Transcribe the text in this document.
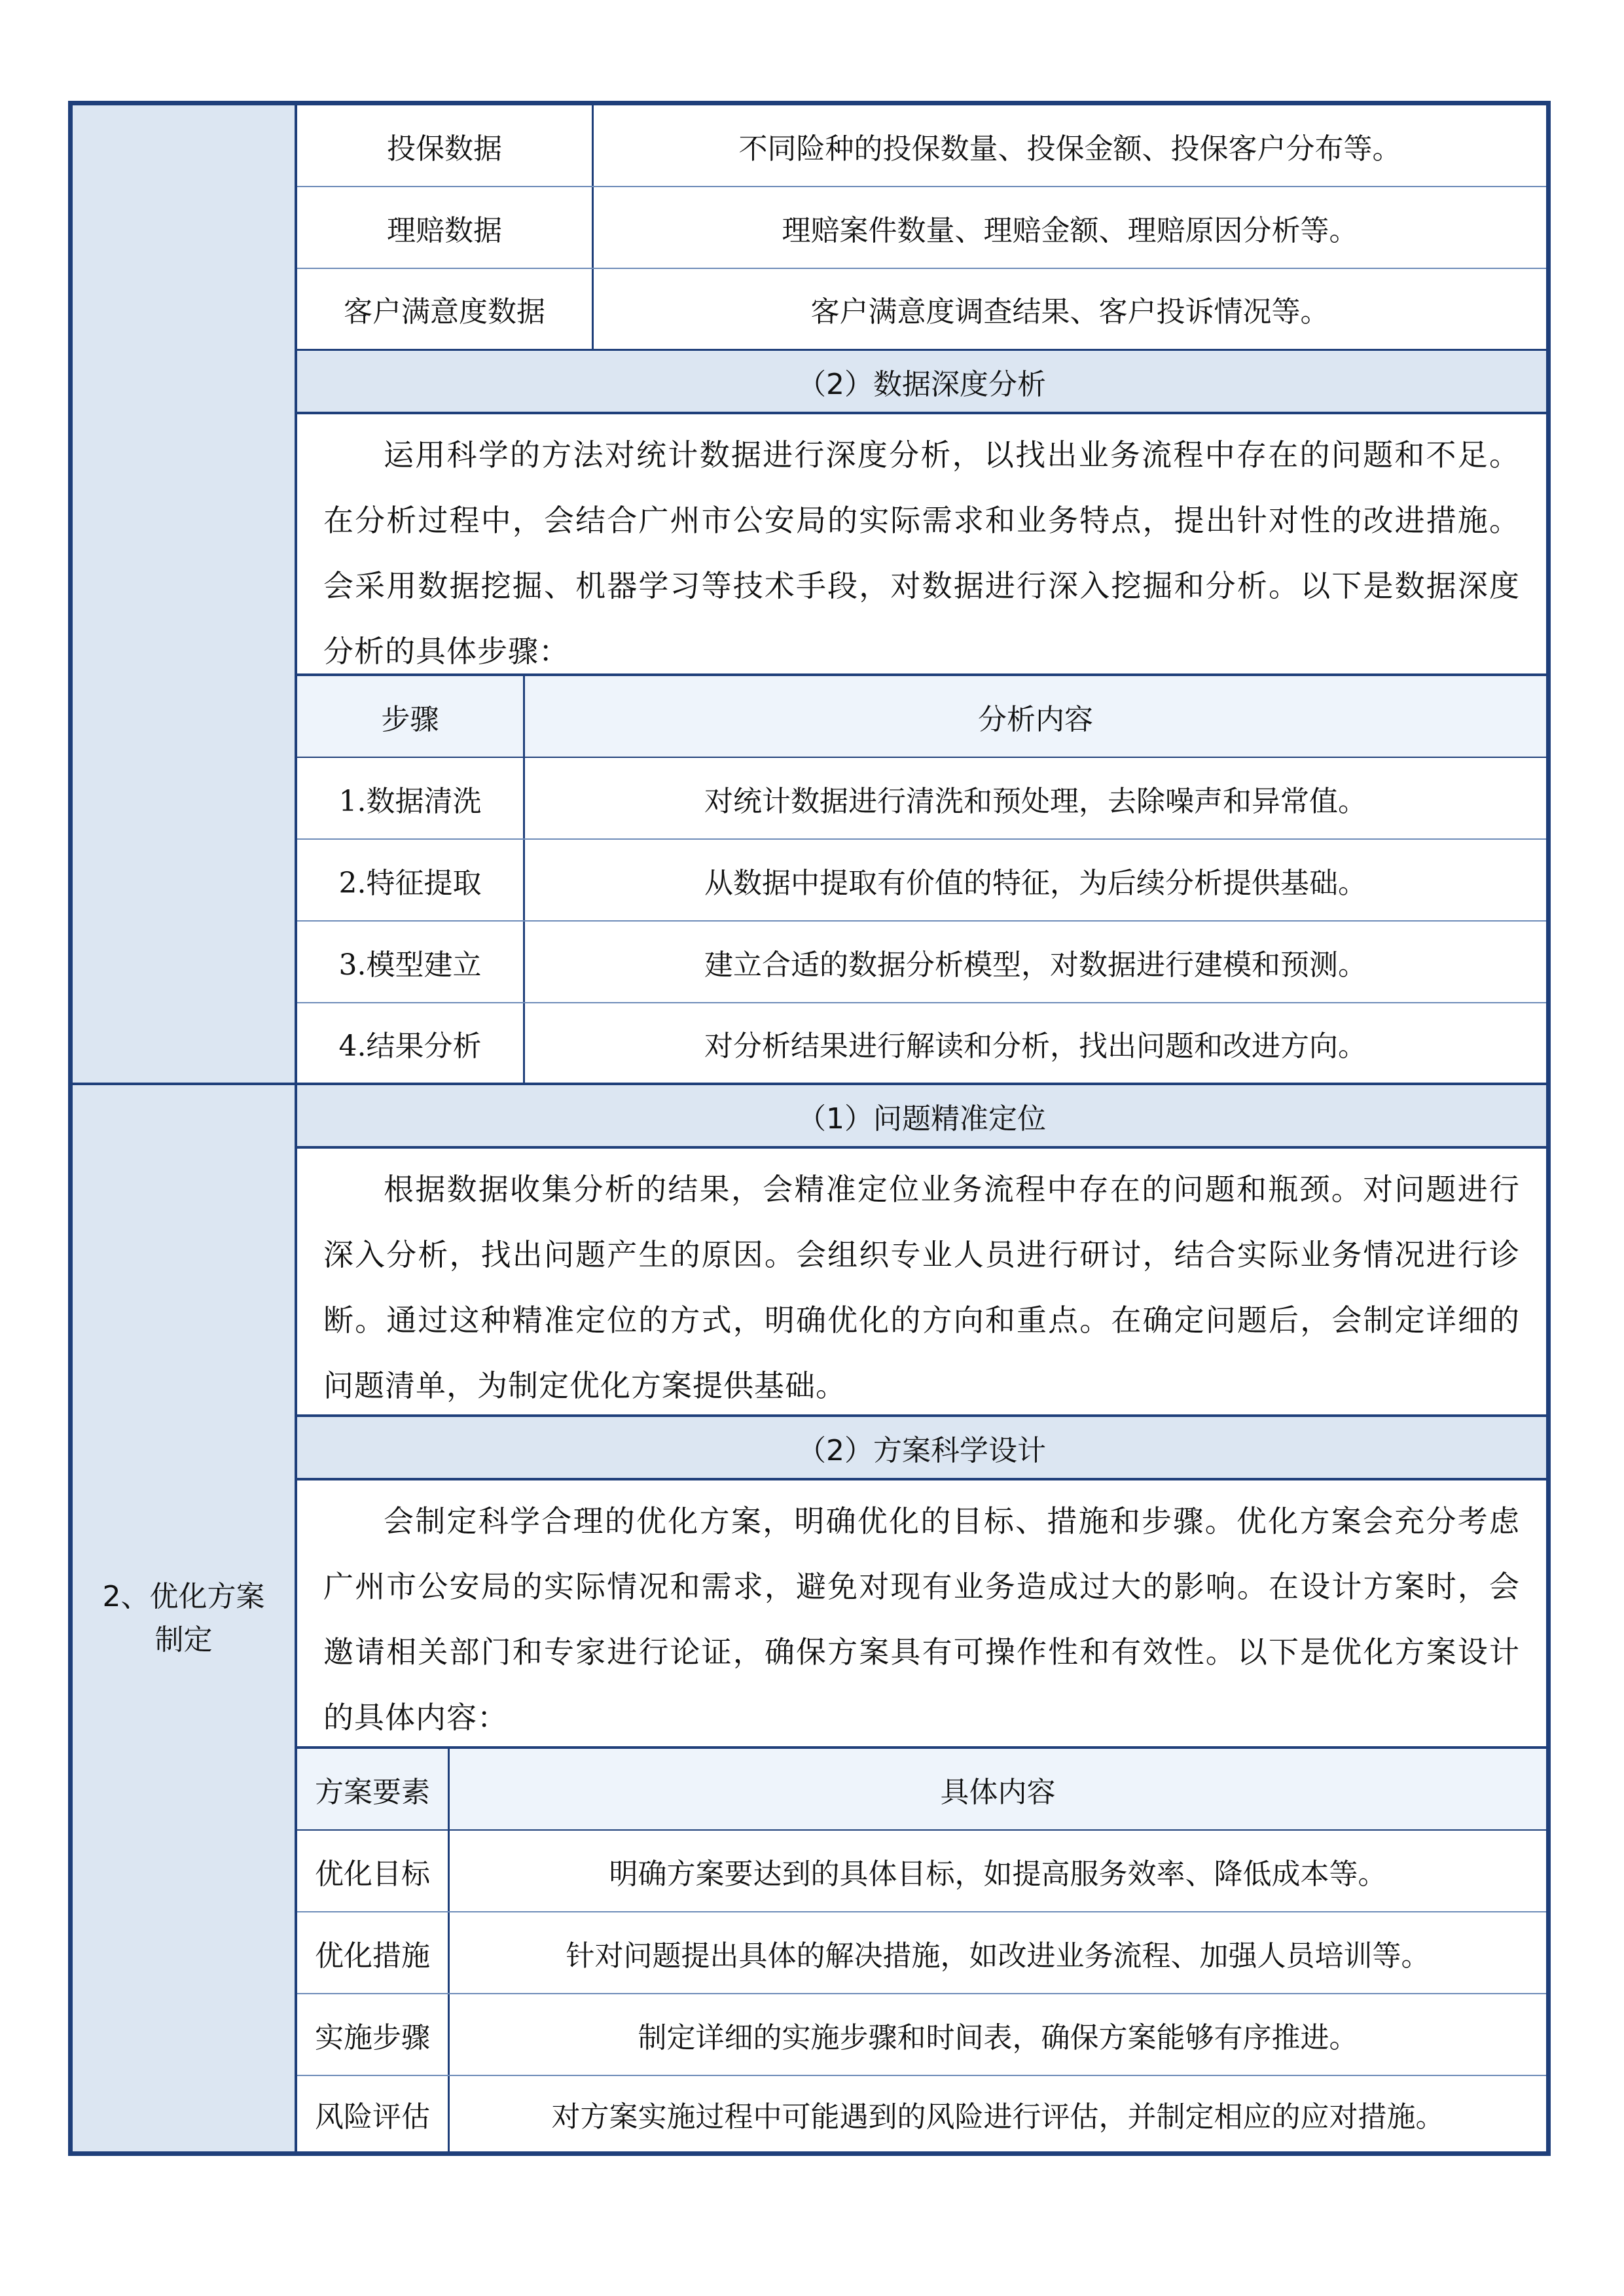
2、优化方案制定
投保数据	不同险种的投保数量、投保金额、投保客户分布等。
理赔数据	理赔案件数量、理赔金额、理赔原因分析等。
客户满意度数据	客户满意度调查结果、客户投诉情况等。
（2）数据深度分析
运用科学的方法对统计数据进行深度分析，以找出业务流程中存在的问题和不足。在分析过程中，会结合广州市公安局的实际需求和业务特点，提出针对性的改进措施。会采用数据挖掘、机器学习等技术手段，对数据进行深入挖掘和分析。以下是数据深度分析的具体步骤：
步骤	分析内容
1.数据清洗	对统计数据进行清洗和预处理，去除噪声和异常值。
2.特征提取	从数据中提取有价值的特征，为后续分析提供基础。
3.模型建立	建立合适的数据分析模型，对数据进行建模和预测。
4.结果分析	对分析结果进行解读和分析，找出问题和改进方向。
（1）问题精准定位
根据数据收集分析的结果，会精准定位业务流程中存在的问题和瓶颈。对问题进行深入分析，找出问题产生的原因。会组织专业人员进行研讨，结合实际业务情况进行诊断。通过这种精准定位的方式，明确优化的方向和重点。在确定问题后，会制定详细的问题清单，为制定优化方案提供基础。
（2）方案科学设计
会制定科学合理的优化方案，明确优化的目标、措施和步骤。优化方案会充分考虑广州市公安局的实际情况和需求，避免对现有业务造成过大的影响。在设计方案时，会邀请相关部门和专家进行论证，确保方案具有可操作性和有效性。以下是优化方案设计的具体内容：
方案要素	具体内容
优化目标	明确方案要达到的具体目标，如提高服务效率、降低成本等。
优化措施	针对问题提出具体的解决措施，如改进业务流程、加强人员培训等。
实施步骤	制定详细的实施步骤和时间表，确保方案能够有序推进。
风险评估	对方案实施过程中可能遇到的风险进行评估，并制定相应的应对措施。
